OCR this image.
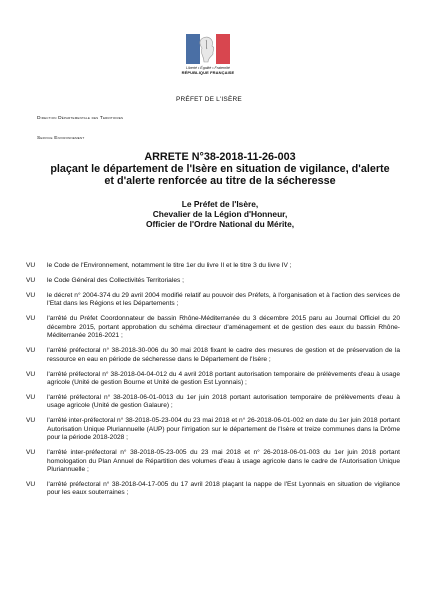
Liberté • Égalité • Fraternité
RÉPUBLIQUE FRANÇAISE
PRÉFET DE L'ISÈRE
Direction Départementale des Territoires
Service Environnement
ARRETE N°38-2018-11-26-003
plaçant le département de l'Isère en situation de vigilance, d'alerte
et d'alerte renforcée au titre de la sécheresse
Le Préfet de l'Isère,
Chevalier de la Légion d'Honneur,
Officier de l'Ordre National du Mérite,
VU	le Code de l'Environnement, notamment le titre 1er du livre II et le titre 3 du livre IV ;
VU	le Code Général des Collectivités Territoriales ;
VU	le décret n° 2004-374 du 29 avril 2004 modifié relatif au pouvoir des Préfets, à l'organisation et à l'action des services de l'Etat dans les Régions et les Départements ;
VU	l'arrêté du Préfet Coordonnateur de bassin Rhône-Méditerranée du 3 décembre 2015 paru au Journal Officiel du 20 décembre 2015, portant approbation du schéma directeur d'aménagement et de gestion des eaux du bassin Rhône-Méditerranée 2016-2021 ;
VU	l'arrêté préfectoral n° 38-2018-30-006 du 30 mai 2018 fixant le cadre des mesures de gestion et de préservation de la ressource en eau en période de sécheresse dans le Département de l'Isère ;
VU	l'arrêté préfectoral n° 38-2018-04-04-012 du 4 avril 2018 portant autorisation temporaire de prélèvements d'eau à usage agricole (Unité de gestion Bourne et Unité de gestion Est Lyonnais) ;
VU	l'arrêté préfectoral n° 38-2018-06-01-0013 du 1er juin 2018 portant autorisation temporaire de prélèvements d'eau à usage agricole (Unité de gestion Galaure) ;
VU	l'arrêté inter-préfectoral n° 38-2018-05-23-004 du 23 mai 2018 et n° 26-2018-06-01-002 en date du 1er juin 2018 portant Autorisation Unique Pluriannuelle (AUP) pour l'irrigation sur le département de l'Isère et treize communes dans la Drôme pour la période 2018-2028 ;
VU	l'arrêté inter-préfectoral n° 38-2018-05-23-005 du 23 mai 2018 et n° 26-2018-06-01-003 du 1er juin 2018 portant homologation du Plan Annuel de Répartition des volumes d'eau à usage agricole dans le cadre de l'Autorisation Unique Pluriannuelle ;
VU	l'arrêté préfectoral n° 38-2018-04-17-005 du 17 avril 2018 plaçant la nappe de l'Est Lyonnais en situation de vigilance pour les eaux souterraines ;
